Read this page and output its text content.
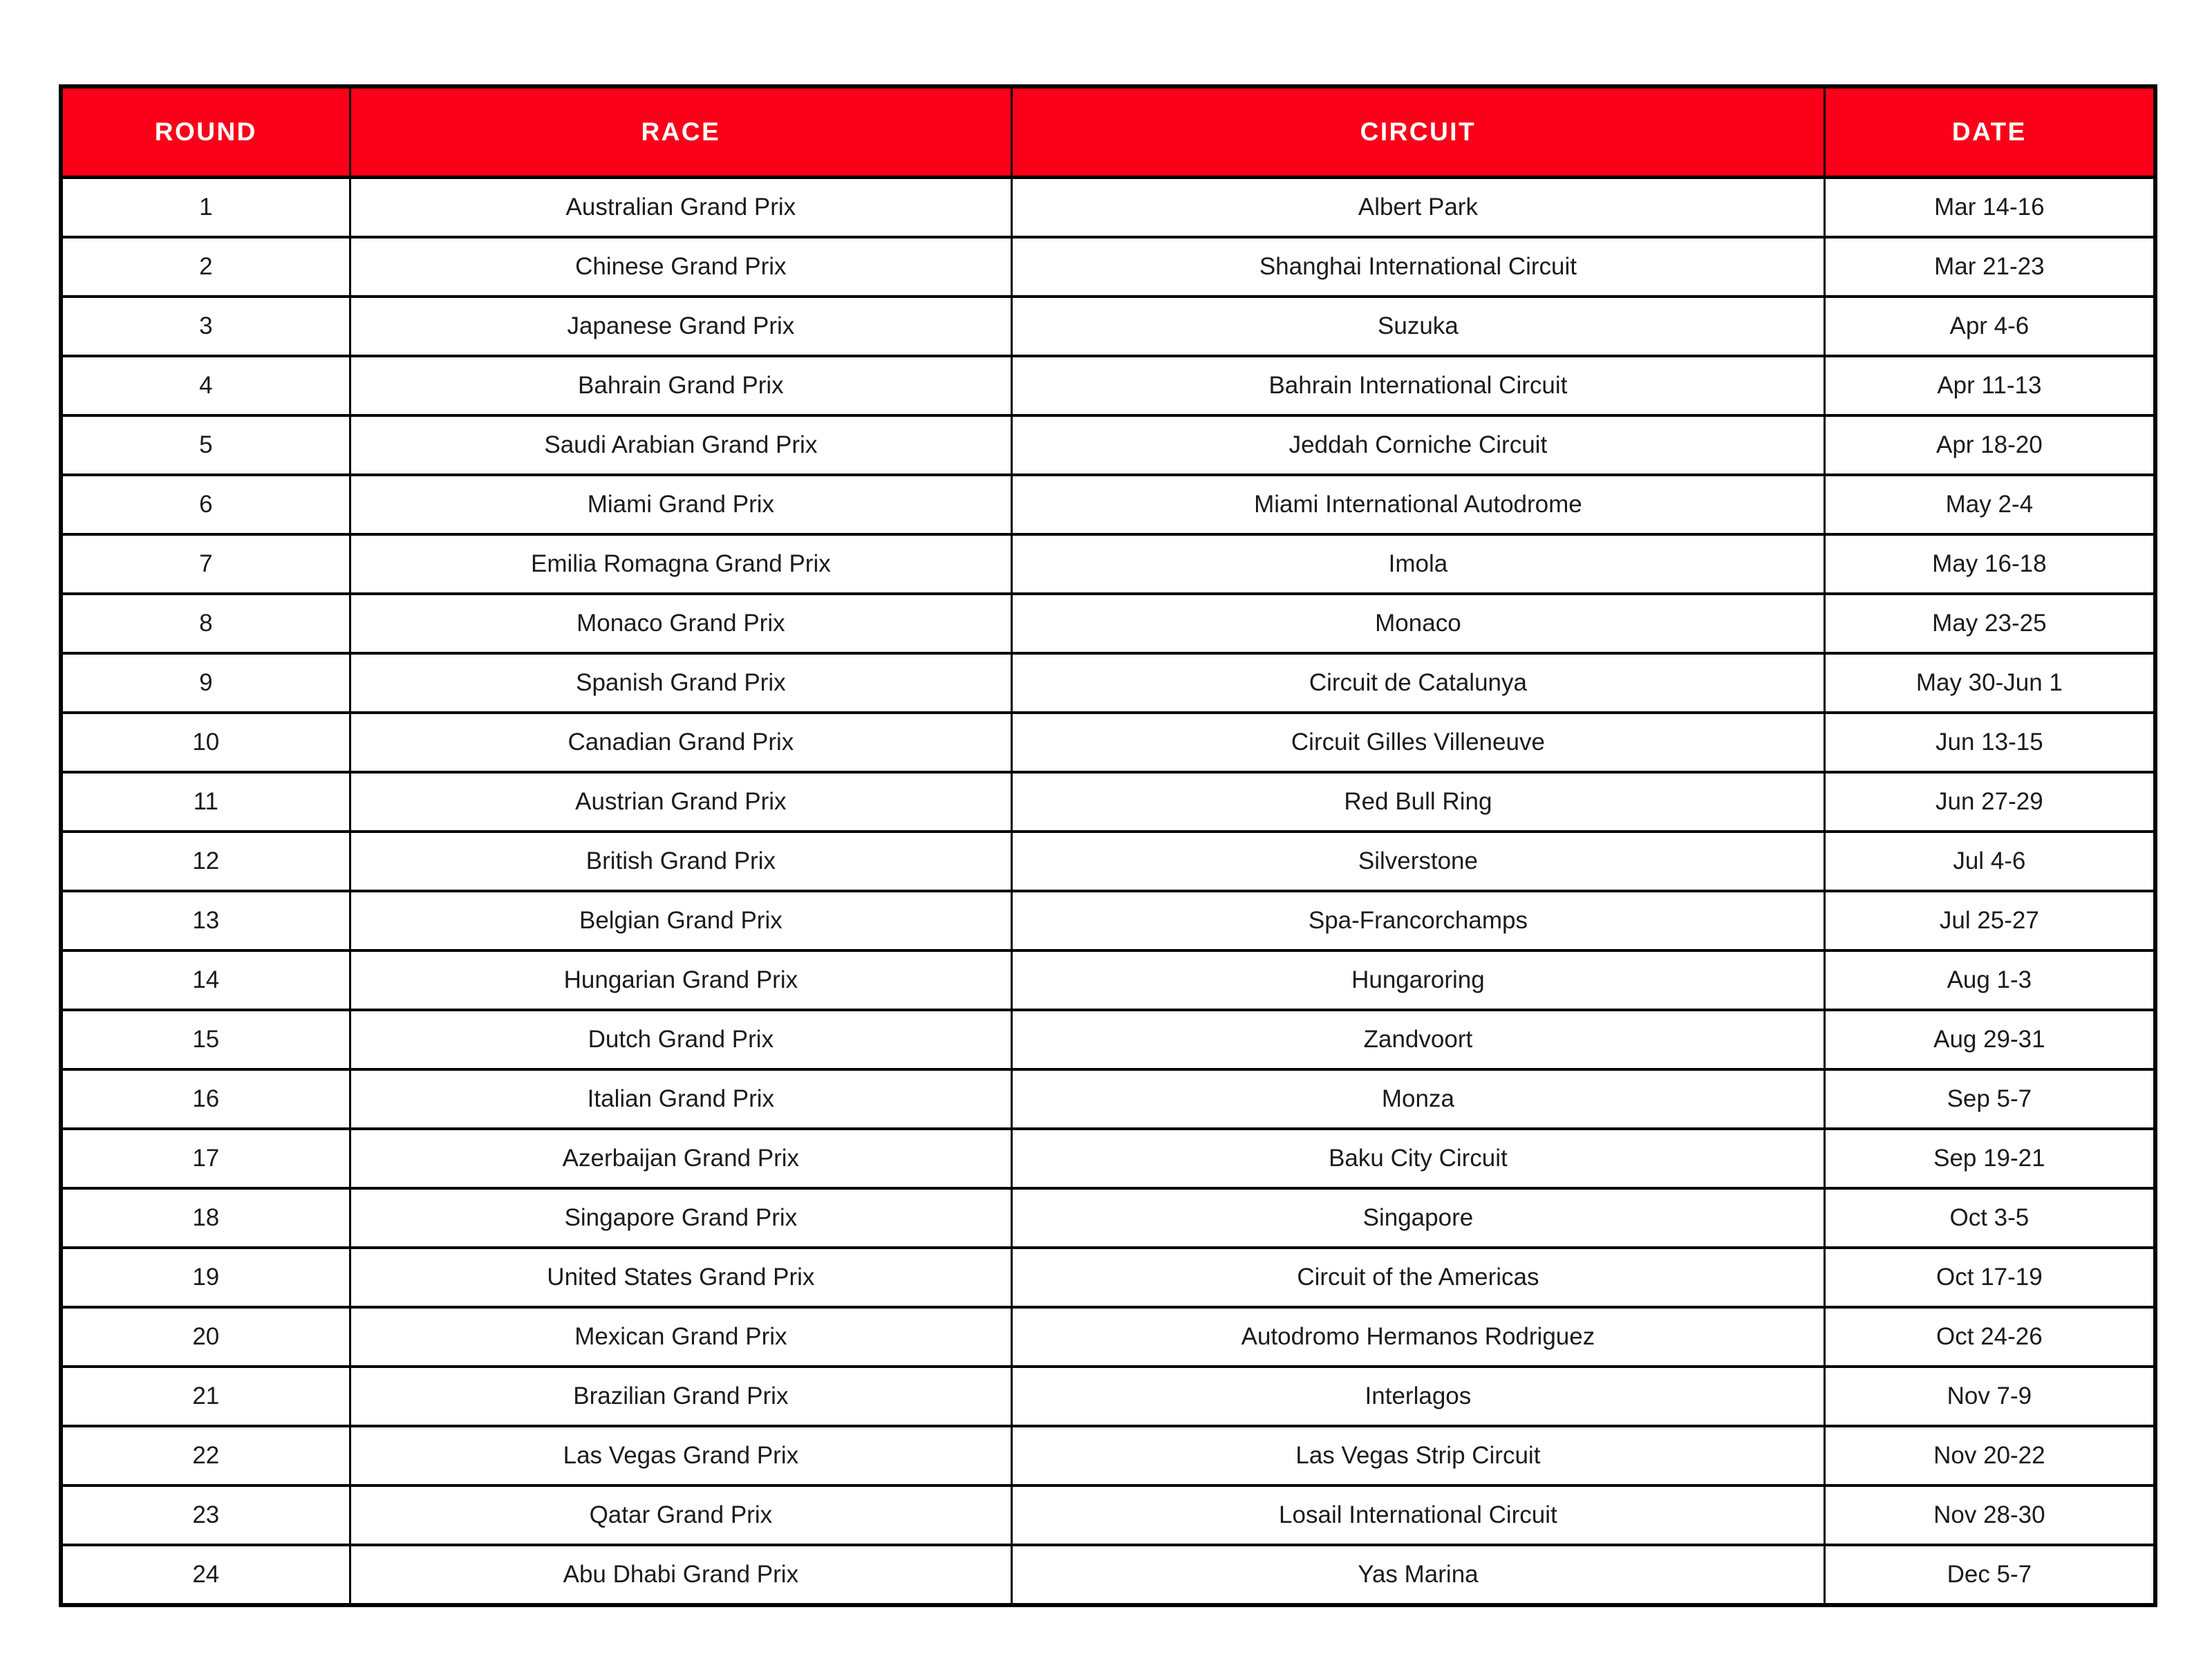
ROUND	RACE	CIRCUIT	DATE
1	Australian Grand Prix	Albert Park	Mar 14-16
2	Chinese Grand Prix	Shanghai International Circuit	Mar 21-23
3	Japanese Grand Prix	Suzuka	Apr 4-6
4	Bahrain Grand Prix	Bahrain International Circuit	Apr 11-13
5	Saudi Arabian Grand Prix	Jeddah Corniche Circuit	Apr 18-20
6	Miami Grand Prix	Miami International Autodrome	May 2-4
7	Emilia Romagna Grand Prix	Imola	May 16-18
8	Monaco Grand Prix	Monaco	May 23-25
9	Spanish Grand Prix	Circuit de Catalunya	May 30-Jun 1
10	Canadian Grand Prix	Circuit Gilles Villeneuve	Jun 13-15
11	Austrian Grand Prix	Red Bull Ring	Jun 27-29
12	British Grand Prix	Silverstone	Jul 4-6
13	Belgian Grand Prix	Spa-Francorchamps	Jul 25-27
14	Hungarian Grand Prix	Hungaroring	Aug 1-3
15	Dutch Grand Prix	Zandvoort	Aug 29-31
16	Italian Grand Prix	Monza	Sep 5-7
17	Azerbaijan Grand Prix	Baku City Circuit	Sep 19-21
18	Singapore Grand Prix	Singapore	Oct 3-5
19	United States Grand Prix	Circuit of the Americas	Oct 17-19
20	Mexican Grand Prix	Autodromo Hermanos Rodriguez	Oct 24-26
21	Brazilian Grand Prix	Interlagos	Nov 7-9
22	Las Vegas Grand Prix	Las Vegas Strip Circuit	Nov 20-22
23	Qatar Grand Prix	Losail International Circuit	Nov 28-30
24	Abu Dhabi Grand Prix	Yas Marina	Dec 5-7
